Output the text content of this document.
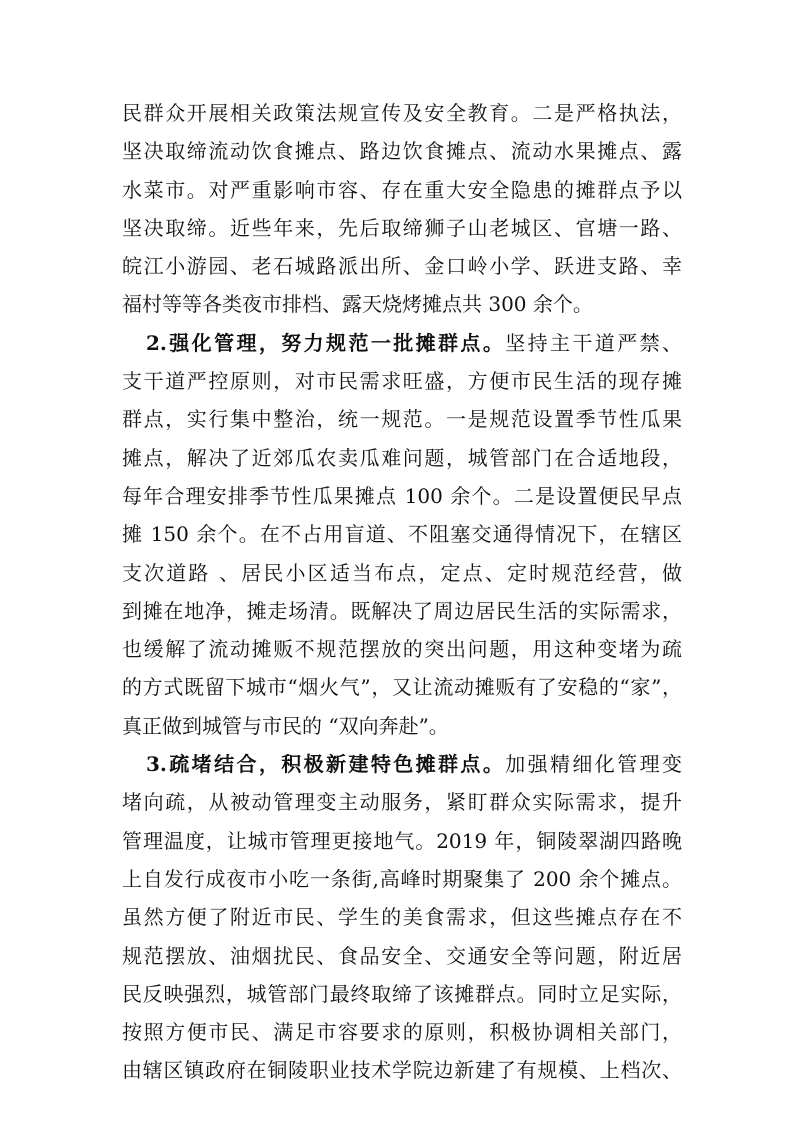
民群众开展相关政策法规宣传及安全教育。二是严格执法，
坚决取缔流动饮食摊点、路边饮食摊点、流动水果摊点、露
水菜市。对严重影响市容、存在重大安全隐患的摊群点予以
坚决取缔。近些年来，先后取缔狮子山老城区、官塘一路、
皖江小游园、老石城路派出所、金口岭小学、跃进支路、幸
福村等等各类夜市排档、露天烧烤摊点共 300 余个。
2.强化管理，努力规范一批摊群点。坚持主干道严禁、
支干道严控原则，对市民需求旺盛，方便市民生活的现存摊
群点，实行集中整治，统一规范。一是规范设置季节性瓜果
摊点，解决了近郊瓜农卖瓜难问题，城管部门在合适地段，
每年合理安排季节性瓜果摊点 100 余个。二是设置便民早点
摊 150 余个。在不占用盲道、不阻塞交通得情况下，在辖区
支次道路 、居民小区适当布点，定点、定时规范经营，做
到摊在地净，摊走场清。既解决了周边居民生活的实际需求，
也缓解了流动摊贩不规范摆放的突出问题，用这种变堵为疏
的方式既留下城市“烟火气”，又让流动摊贩有了安稳的“家”，
真正做到城管与市民的 “双向奔赴”。
3.疏堵结合，积极新建特色摊群点。加强精细化管理变
堵向疏，从被动管理变主动服务，紧盯群众实际需求，提升
管理温度，让城市管理更接地气。2019 年，铜陵翠湖四路晚
上自发行成夜市小吃一条街,高峰时期聚集了 200 余个摊点。
虽然方便了附近市民、学生的美食需求，但这些摊点存在不
规范摆放、油烟扰民、食品安全、交通安全等问题，附近居
民反映强烈，城管部门最终取缔了该摊群点。同时立足实际，
按照方便市民、满足市容要求的原则，积极协调相关部门，
由辖区镇政府在铜陵职业技术学院边新建了有规模、上档次、
